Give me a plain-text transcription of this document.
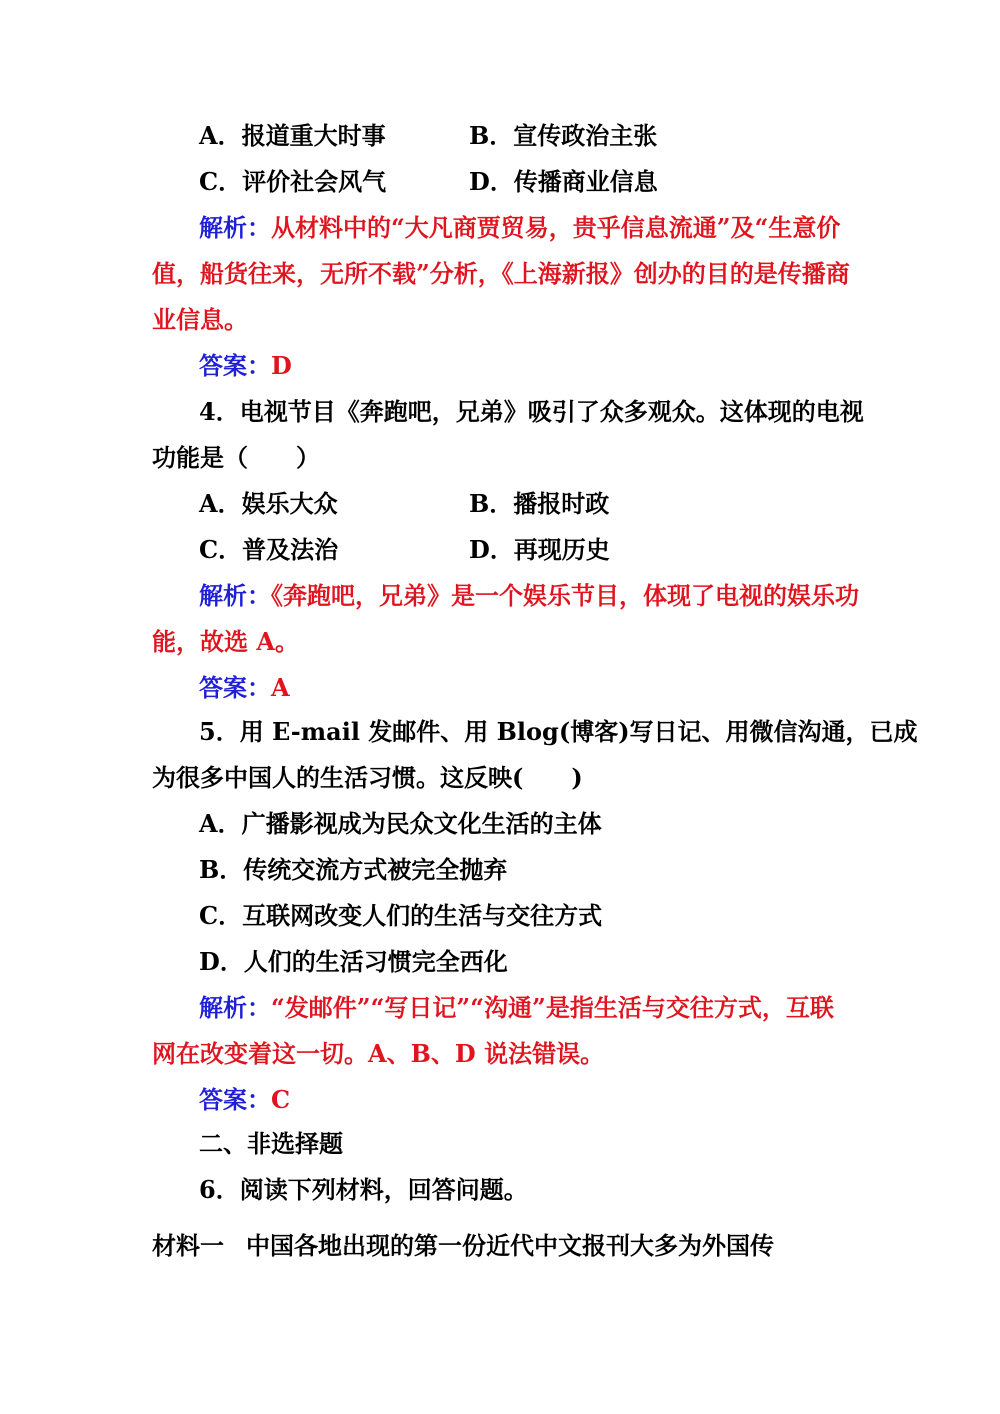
A．报道重大时事	B．宣传政治主张
C．评价社会风气	D．传播商业信息
解析：从材料中的“大凡商贾贸易，贵乎信息流通”及“生意价
值，船货往来，无所不载”分析，《上海新报》创办的目的是传播商
业信息。
答案：D
4．电视节目《奔跑吧，兄弟》吸引了众多观众。这体现的电视
功能是（　　）
A．娱乐大众	B．播报时政
C．普及法治	D．再现历史
解析：《奔跑吧，兄弟》是一个娱乐节目，体现了电视的娱乐功
能，故选 A。
答案：A
5．用 E-mail 发邮件、用 Blog(博客)写日记、用微信沟通，已成
为很多中国人的生活习惯。这反映(　　)
A．广播影视成为民众文化生活的主体
B．传统交流方式被完全抛弃
C．互联网改变人们的生活与交往方式
D．人们的生活习惯完全西化
解析：“发邮件”“写日记”“沟通”是指生活与交往方式，互联
网在改变着这一切。A、B、D 说法错误。
答案：C
二、非选择题
6．阅读下列材料，回答问题。
材料一 中国各地出现的第一份近代中文报刊大多为外国传
